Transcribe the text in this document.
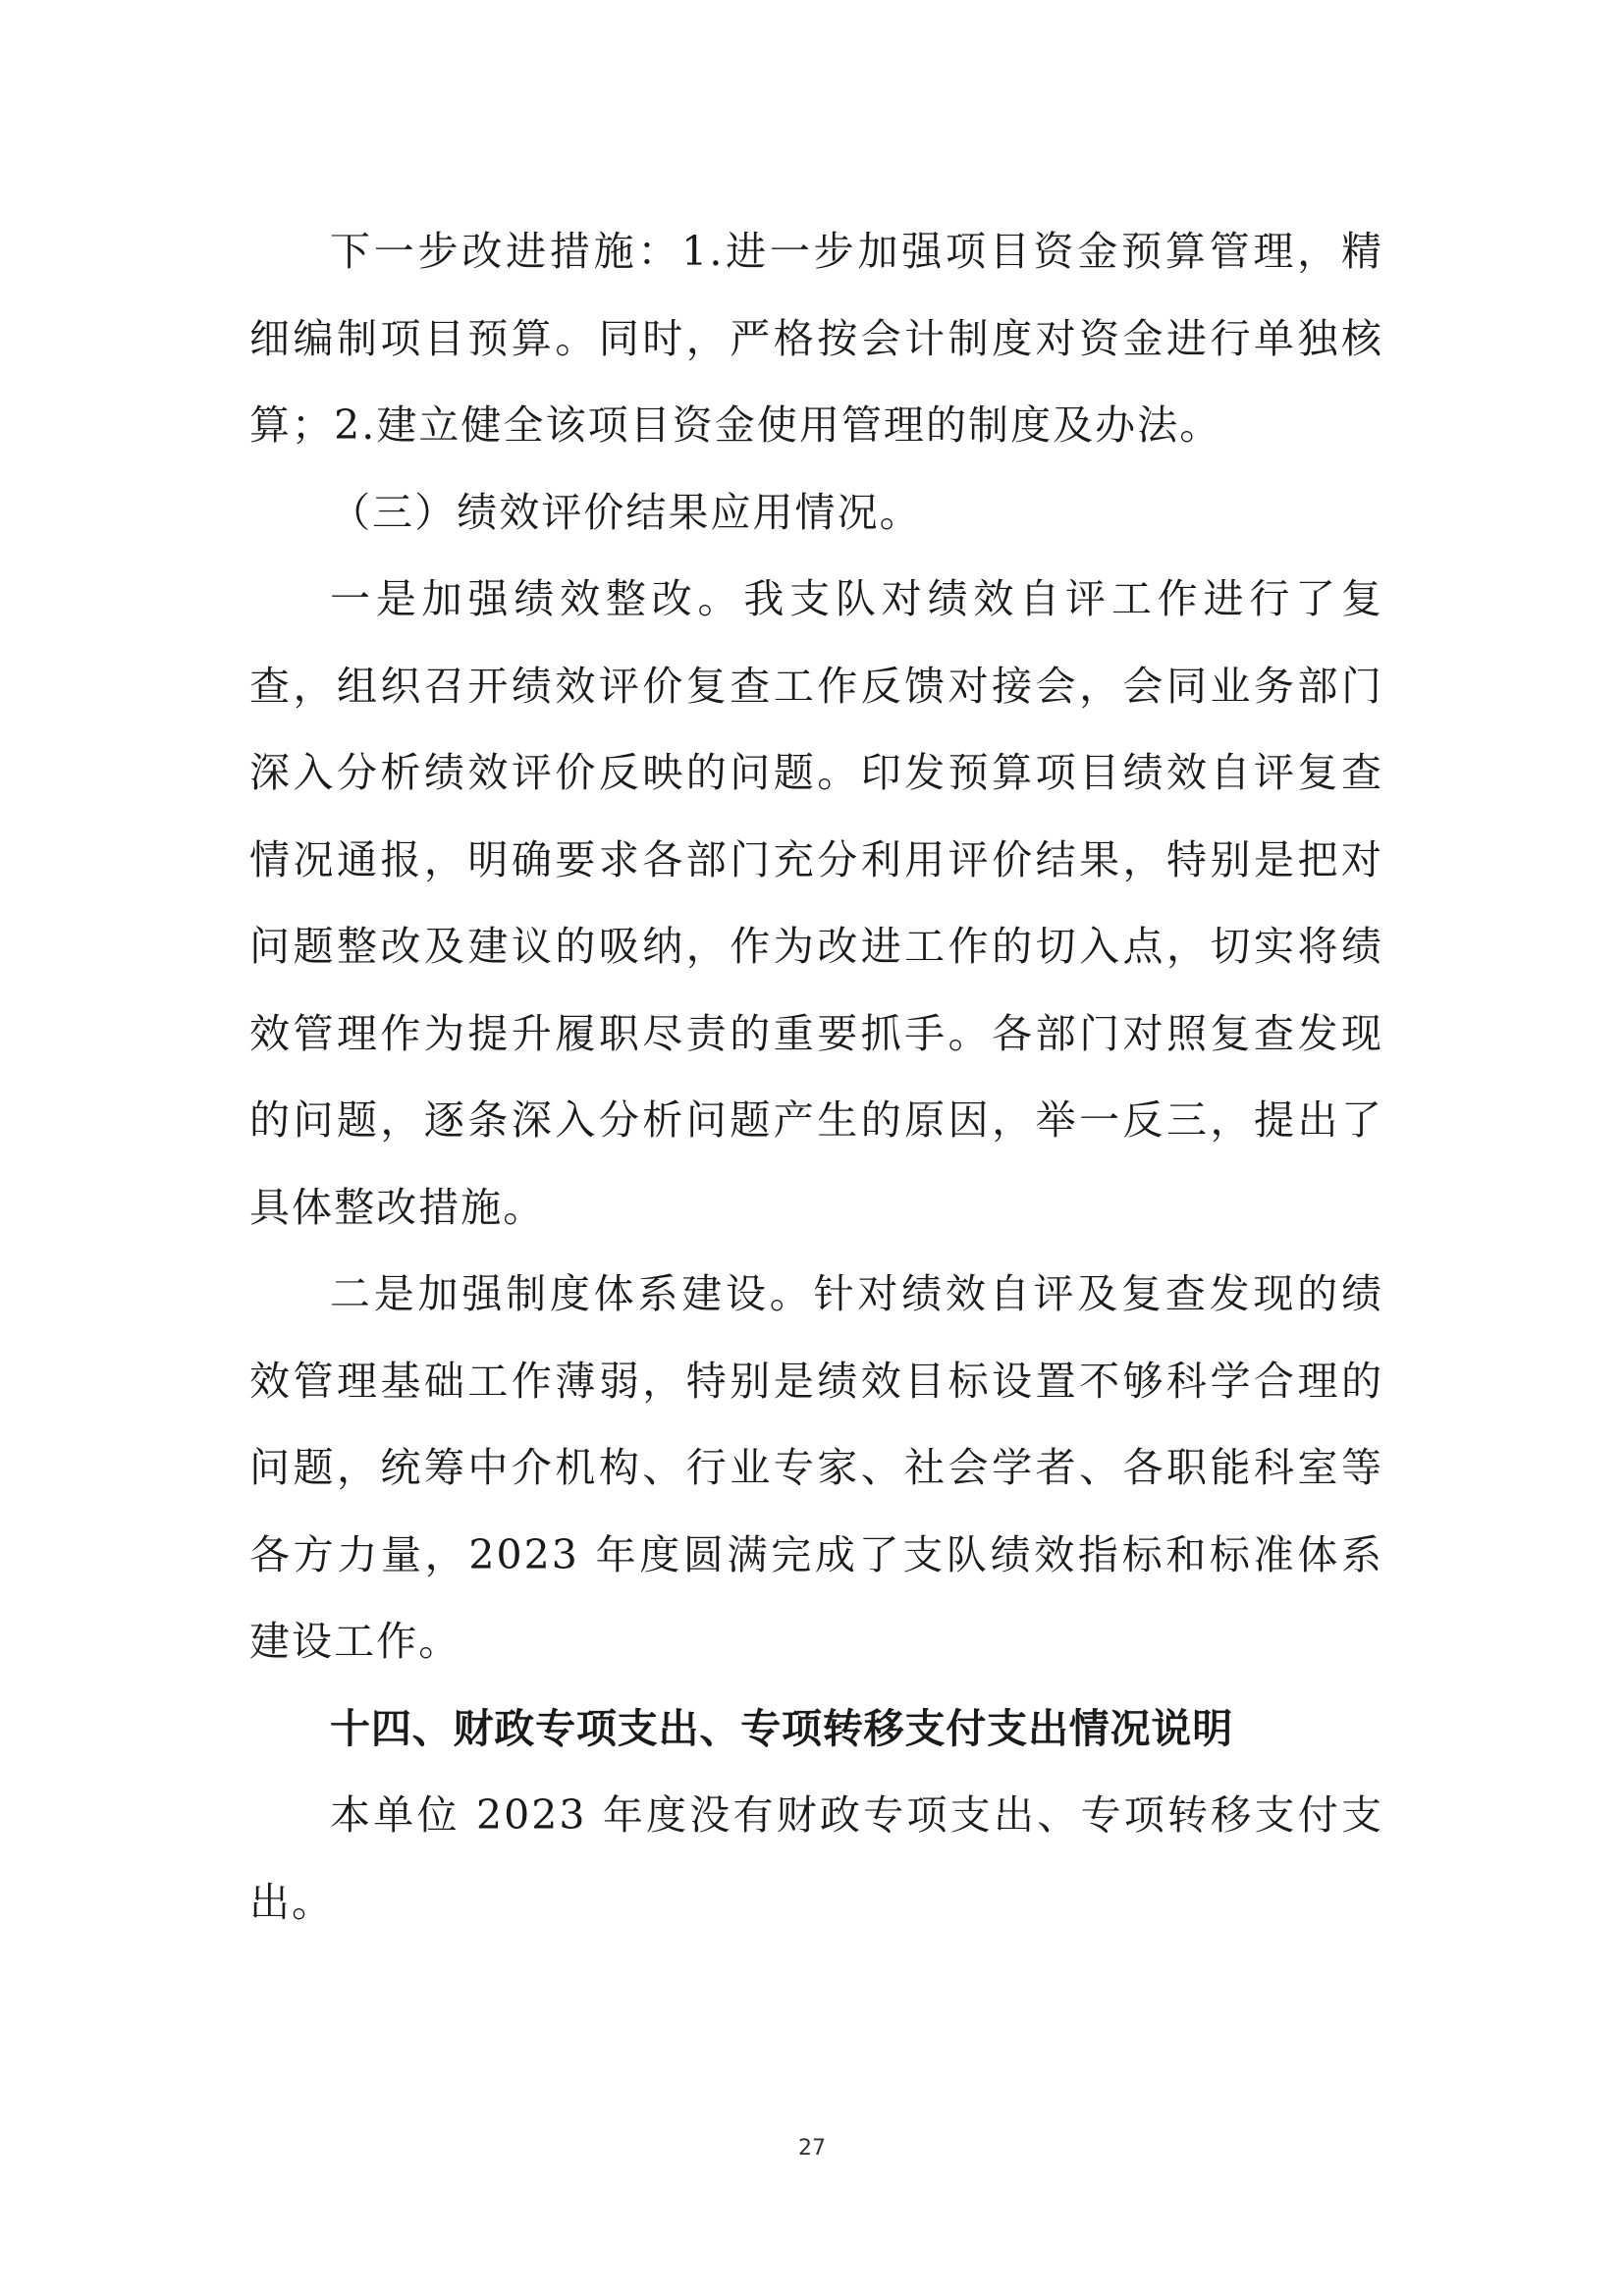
下一步改进措施：1.进一步加强项目资金预算管理，精细编制项目预算。同时，严格按会计制度对资金进行单独核算；2.建立健全该项目资金使用管理的制度及办法。

（三）绩效评价结果应用情况。

一是加强绩效整改。我支队对绩效自评工作进行了复查，组织召开绩效评价复查工作反馈对接会，会同业务部门深入分析绩效评价反映的问题。印发预算项目绩效自评复查情况通报，明确要求各部门充分利用评价结果，特别是把对问题整改及建议的吸纳，作为改进工作的切入点，切实将绩效管理作为提升履职尽责的重要抓手。各部门对照复查发现的问题，逐条深入分析问题产生的原因，举一反三，提出了具体整改措施。

二是加强制度体系建设。针对绩效自评及复查发现的绩效管理基础工作薄弱，特别是绩效目标设置不够科学合理的问题，统筹中介机构、行业专家、社会学者、各职能科室等各方力量，2023 年度圆满完成了支队绩效指标和标准体系建设工作。

十四、财政专项支出、专项转移支付支出情况说明

本单位 2023 年度没有财政专项支出、专项转移支付支出。

27
